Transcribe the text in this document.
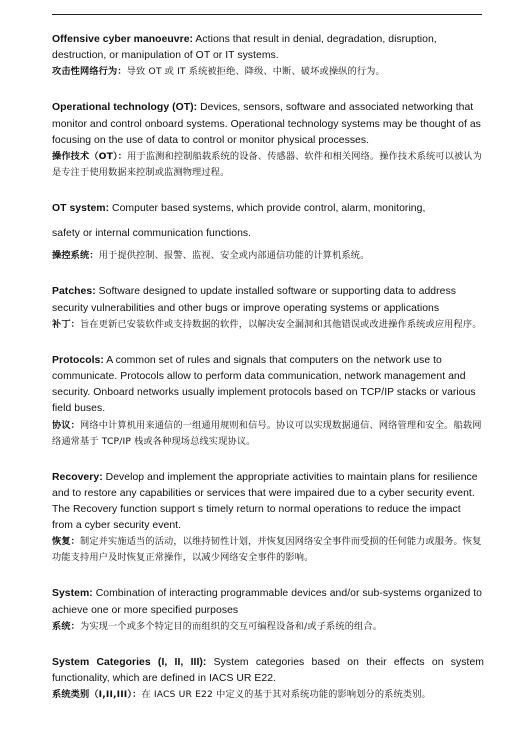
Offensive cyber manoeuvre: Actions that result in denial, degradation, disruption, destruction, or manipulation of OT or IT systems.

攻击性网络行为：导致 OT 或 IT 系统被拒绝、降级、中断、破坏或操纵的行为。

Operational technology (OT): Devices, sensors, software and associated networking that monitor and control onboard systems. Operational technology systems may be thought of as focusing on the use of data to control or monitor physical processes.

操作技术（OT）：用于监测和控制船载系统的设备、传感器、软件和相关网络。操作技术系统可以被认为是专注于使用数据来控制或监测物理过程。

OT system: Computer based systems, which provide control, alarm, monitoring,

safety or internal communication functions.

操控系统：用于提供控制、报警、监视、安全或内部通信功能的计算机系统。

Patches: Software designed to update installed software or supporting data to address security vulnerabilities and other bugs or improve operating systems or applications

补丁：旨在更新已安装软件或支持数据的软件，以解决安全漏洞和其他错误或改进操作系统或应用程序。

Protocols: A common set of rules and signals that computers on the network use to communicate. Protocols allow to perform data communication, network management and security. Onboard networks usually implement protocols based on TCP/IP stacks or various field buses.

协议：网络中计算机用来通信的一组通用规则和信号。协议可以实现数据通信、网络管理和安全。船载网络通常基于 TCP/IP 栈或各种现场总线实现协议。

Recovery: Develop and implement the appropriate activities to maintain plans for resilience and to restore any capabilities or services that were impaired due to a cyber security event. The Recovery function support s timely return to normal operations to reduce the impact from a cyber security event.

恢复：制定并实施适当的活动，以维持韧性计划，并恢复因网络安全事件而受损的任何能力或服务。恢复功能支持用户及时恢复正常操作，以减少网络安全事件的影响。

System: Combination of interacting programmable devices and/or sub-systems organized to achieve one or more specified purposes

系统：为实现一个或多个特定目的而组织的交互可编程设备和/或子系统的组合。

System Categories (I, II, III): System categories based on their effects on system functionality, which are defined in IACS UR E22.

系统类别（I,II,III）：在 IACS UR E22 中定义的基于其对系统功能的影响划分的系统类别。
